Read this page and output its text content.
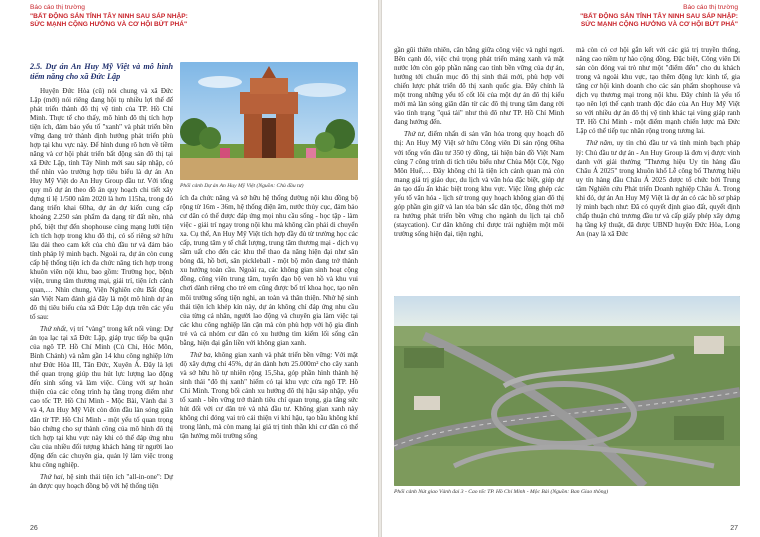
Báo cáo thị trường
"BẤT ĐỘNG SẢN TỈNH TÂY NINH SAU SÁP NHẬP:
SỨC MẠNH CỘNG HƯỞNG VÀ CƠ HỘI BỨT PHÁ"
2.5. Dự án An Huy Mỹ Việt và mô hình tiểm năng cho xã Đức Lập

Huyện Đức Hòa (cũ) nói chung và xã Đức Lập (mới) nói riêng đang hội tụ nhiều lợi thế để phát triển thành đô thị vệ tinh của TP. Hồ Chí Minh. Thực tế cho thấy, mô hình đô thị tích hợp tiện ích, đảm bảo yếu tố "xanh" và phát triển bền vững đang trở thành định hướng phát triển phù hợp tại khu vực này. Để hình dung rõ hơn về tiềm năng và cơ hội phát triển bất động sản đô thị tại xã Đức Lập, tỉnh Tây Ninh mới sau sáp nhập, có thể nhìn vào trường hợp tiêu biểu là dự án An Huy Mỹ Việt do An Huy Group đầu tư. Với tổng quy mô dự án theo đồ án quy hoạch chi tiết xây dựng tỉ lệ 1/500 năm 2020 là hơn 115ha, trong đó đang triển khai 60ha, dự án dự kiến cung cấp khoảng 2.250 sản phẩm đa dạng từ đất nền, nhà phố, biệt thự đến shophouse cùng mạng lưới tiện ích tích hợp trong khu đô thị, có số riêng sở hữu lâu dài theo cam kết của chủ đầu tư và đảm bảo tính pháp lý minh bạch. Ngoài ra, dự án còn cung cấp hệ thống tiện ích đa chức năng tích hợp trong khuôn viên nội khu, bao gồm: Trường học, bệnh viện, trung tâm thương mại, giải trí, tiện ích cảnh quan,… Nhìn chung, Viện Nghiên cứu Bất động sản Việt Nam đánh giá đây là một mô hình dự án đô thị tiêu biểu của xã Đức Lập dựa trên các yếu tố sau:

Thứ nhất, vị trí "vàng" trong kết nối vùng: Dự án tọa lạc tại xã Đức Lập, giáp trục tiếp ba quận của ngõ TP. Hồ Chí Minh (Củ Chi, Hóc Môn, Bình Chánh) và nằm gần 14 khu công nghiệp lớn như Đức Hòa III, Tân Đức, Xuyên Á. Đây là lợi thế quan trọng giúp thu hút lực lượng lao động đến sinh sống và làm việc. Cùng với sự hoàn thiện của các công trình hạ tầng trọng điểm như cao tốc TP. Hồ Chí Minh - Mộc Bài, Vành đai 3 và 4, An Huy Mỹ Việt còn đón đầu làn sóng giãn dân từ TP. Hồ Chí Minh - một yếu tố quan trọng bảo chứng cho sự thành công của mô hình đô thị tích hợp tại khu vực này khi có thể đáp ứng nhu cầu của nhiều đối tượng khách hàng từ người lao động đến các chuyên gia, quản lý làm việc trong khu công nghiệp.

Thứ hai, hệ sinh thái tiện ích "all-in-one": Dự án được quy hoạch đồng bộ với hệ thống tiện

Phối cảnh Dự án An Huy Mỹ Việt (Nguồn: Chủ đầu tư)

ích đa chức năng và sở hữu hệ thống đường nội khu đồng bộ rộng từ 16m - 36m, hệ thống điện âm, nước thủy cục, đảm bảo cư dân có thể được đáp ứng mọi nhu cầu sống - học tập - làm việc - giải trí ngay trong nội khu mà không cần phải di chuyển xa. Cụ thể, An Huy Mỹ Việt tích hợp đầy đủ từ trường học các cấp, trung tâm y tế chất lượng, trung tâm thương mại - dịch vụ sầm uất cho đến các khu thể thao đa năng hiện đại như sân bóng đá, hồ bơi, sân pickleball - một bộ môn đang trở thành xu hướng toàn cầu. Ngoài ra, các không gian sinh hoạt cộng đồng, công viên trung tâm, tuyến đạo bộ ven hồ và khu vui chơi dành riêng cho trẻ em cũng được bố trí khoa học, tạo nên môi trường sống tiện nghi, an toàn và thân thiện. Nhờ hệ sinh thái tiện ích khép kín này, dự án không chỉ đáp ứng nhu cầu của từng cá nhân, người lao động và chuyên gia làm việc tại các khu công nghiệp lân cận mà còn phù hợp với hộ gia đình trẻ và cả nhóm cư dân có xu hướng tìm kiếm lối sống cân bằng, hiện đại gắn liền với không gian xanh.

Thứ ba, không gian xanh và phát triển bền vững: Với mật độ xây dựng chỉ 45%, dự án dành hơn 25.000m² cho cây xanh và sở hữu hồ tự nhiên rộng 15,5ha, góp phần hình thành hệ sinh thái "đô thị xanh" hiếm có tại khu vực cửa ngõ TP. Hồ Chí Minh. Trong bối cảnh xu hướng đô thị hậu sáp nhập, yếu tố xanh - bền vững trở thành tiêu chí quan trọng, gia tăng sức hút đối với cư dân trẻ và nhà đầu tư. Không gian xanh này không chỉ đóng vai trò cải thiện vi khí hậu, tạo bầu không khí trong lành, mà còn mang lại giá trị tinh thần khi cư dân có thể tận hưởng môi trường sống

26
Báo cáo thị trường
"BẤT ĐỘNG SẢN TỈNH TÂY NINH SAU SÁP NHẬP:
SỨC MẠNH CỘNG HƯỞNG VÀ CƠ HỘI BỨT PHÁ"

gần gũi thiên nhiên, cân bằng giữa công việc và nghỉ ngơi. Bên cạnh đó, việc chú trọng phát triển mảng xanh và mặt nước lớn còn góp phần nâng cao tính bền vững của dự án, hướng tới chuẩn mục đô thị sinh thái mới, phù hợp với chiến lược phát triển đô thị xanh quốc gia. Đây chính là một trong những yếu tố cốt lõi của một dự án đô thị kiểu mới mà làn sóng giãn dân từ các đô thị trung tâm đang rời vào tình trạng "quá tải" như thủ đô như TP. Hồ Chí Minh đang hướng đến.

Thứ tư, điểm nhấn di sản văn hóa trong quy hoạch đô thị: An Huy Mỹ Việt sở hữu Công viên Di sản rộng 06ha với tổng vốn đầu tư 350 tỷ đồng, tái hiện bản đồ Việt Nam cùng 7 công trình di tích tiêu biểu như Chùa Một Cột, Ngọ Môn Huế,… Đây không chỉ là tiện ích cảnh quan mà còn mang giá trị giáo dục, du lịch và văn hóa đặc biệt, giúp dự án tạo dấu ấn khác biệt trong khu vực. Việc lồng ghép các yếu tố văn hóa - lịch sử trong quy hoạch không gian đô thị góp phần gìn giữ và lan tỏa bản sắc dân tộc, đồng thời mở ra hướng phát triển bền vững cho ngành du lịch tại chỗ (staycation). Cư dân không chỉ được trải nghiệm một môi trường sống hiện đại, tiện nghi,

mà còn có cơ hội gắn kết với các giá trị truyền thống, nâng cao niềm tự hào cộng đồng. Đặc biệt, Công viên Di sản còn đóng vai trò như một "điểm đến" cho du khách trong và ngoài khu vực, tạo thêm động lực kinh tế, gia tăng cơ hội kinh doanh cho các sản phẩm shophouse và dịch vụ thương mại trong nội khu. Đây chính là yếu tố tạo nên lợi thế cạnh tranh độc đáo của An Huy Mỹ Việt so với nhiều dự án đô thị vệ tinh khác tại vùng giáp ranh TP. Hồ Chí Minh - một điểm mạnh chiến lược mà Đức Lập có thể tiếp tục nhân rộng trong tương lai.

Thứ năm, uy tín chủ đầu tư và tính minh bạch pháp lý: Chủ đầu tư dự án - An Huy Group là đơn vị được vinh danh với giải thưởng "Thương hiệu Uy tín hàng đầu Châu Á 2025" trong khuôn khổ Lễ công bố Thương hiệu uy tín hàng đầu Châu Á 2025 được tổ chức bởi Trung tâm Nghiên cứu Phát triển Doanh nghiệp Châu Á. Trong khi đó, dự án An Huy Mỹ Việt là dự án có các hồ sơ pháp lý minh bạch như: Đã có quyết định giao đất, quyết định chấp thuận chủ trương đầu tư và cấp giấy phép xây dựng hạ tầng kỹ thuật, đã được UBND huyện Đức Hòa, Long An (nay là xã Đức

Phối cảnh Nút giao Vành đai 3 - Cao tốc TP. Hồ Chí Minh - Mộc Bài (Nguồn: Ban Giao thông)
27
